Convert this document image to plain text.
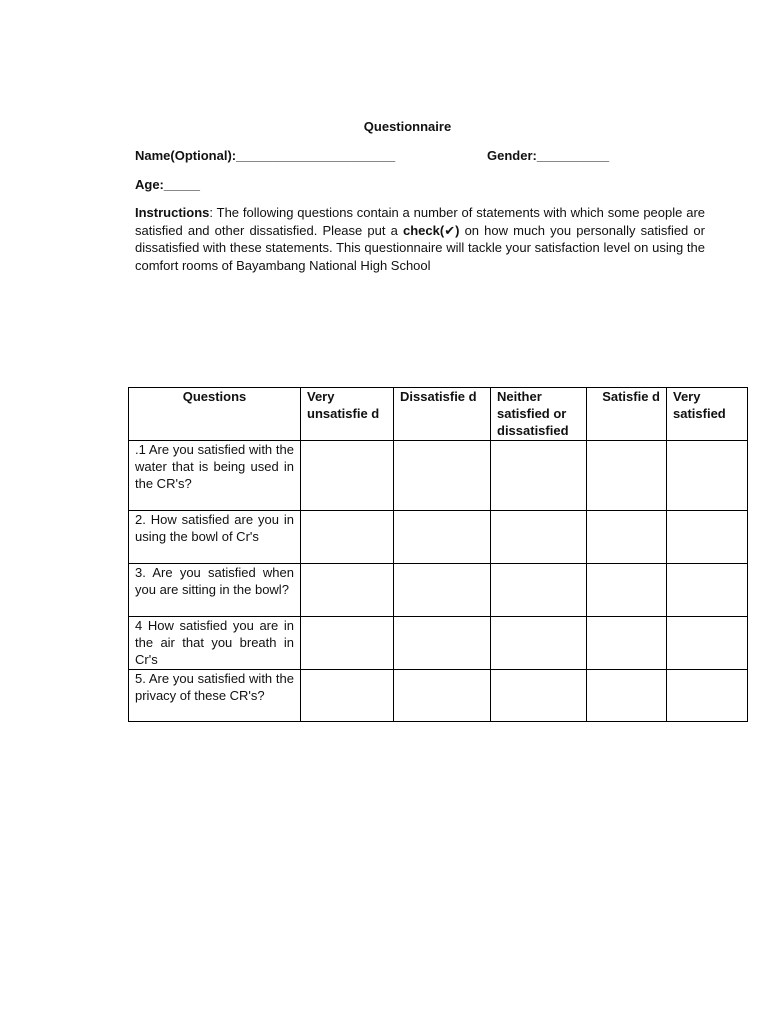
Questionnaire
Name(Optional):______________________	Gender:__________
Age:_____
Instructions: The following questions contain a number of statements with which some people are satisfied and other dissatisfied. Please put a check(✔) on how much you personally satisfied or dissatisfied with these statements. This questionnaire will tackle your satisfaction level on using the comfort rooms of Bayambang National High School
Questions	Very unsatisfie d	Dissatisfie d	Neither satisfied or dissatisfied	Satisfie d	Very satisfied
.1 Are you satisfied with the water that is being used in the CR's?					
2. How satisfied are you in using the bowl of Cr's					
3. Are you satisfied when you are sitting in the bowl?					
4 How satisfied you are in the air that you breath in Cr's					
5. Are you satisfied with the privacy of these CR's?					
